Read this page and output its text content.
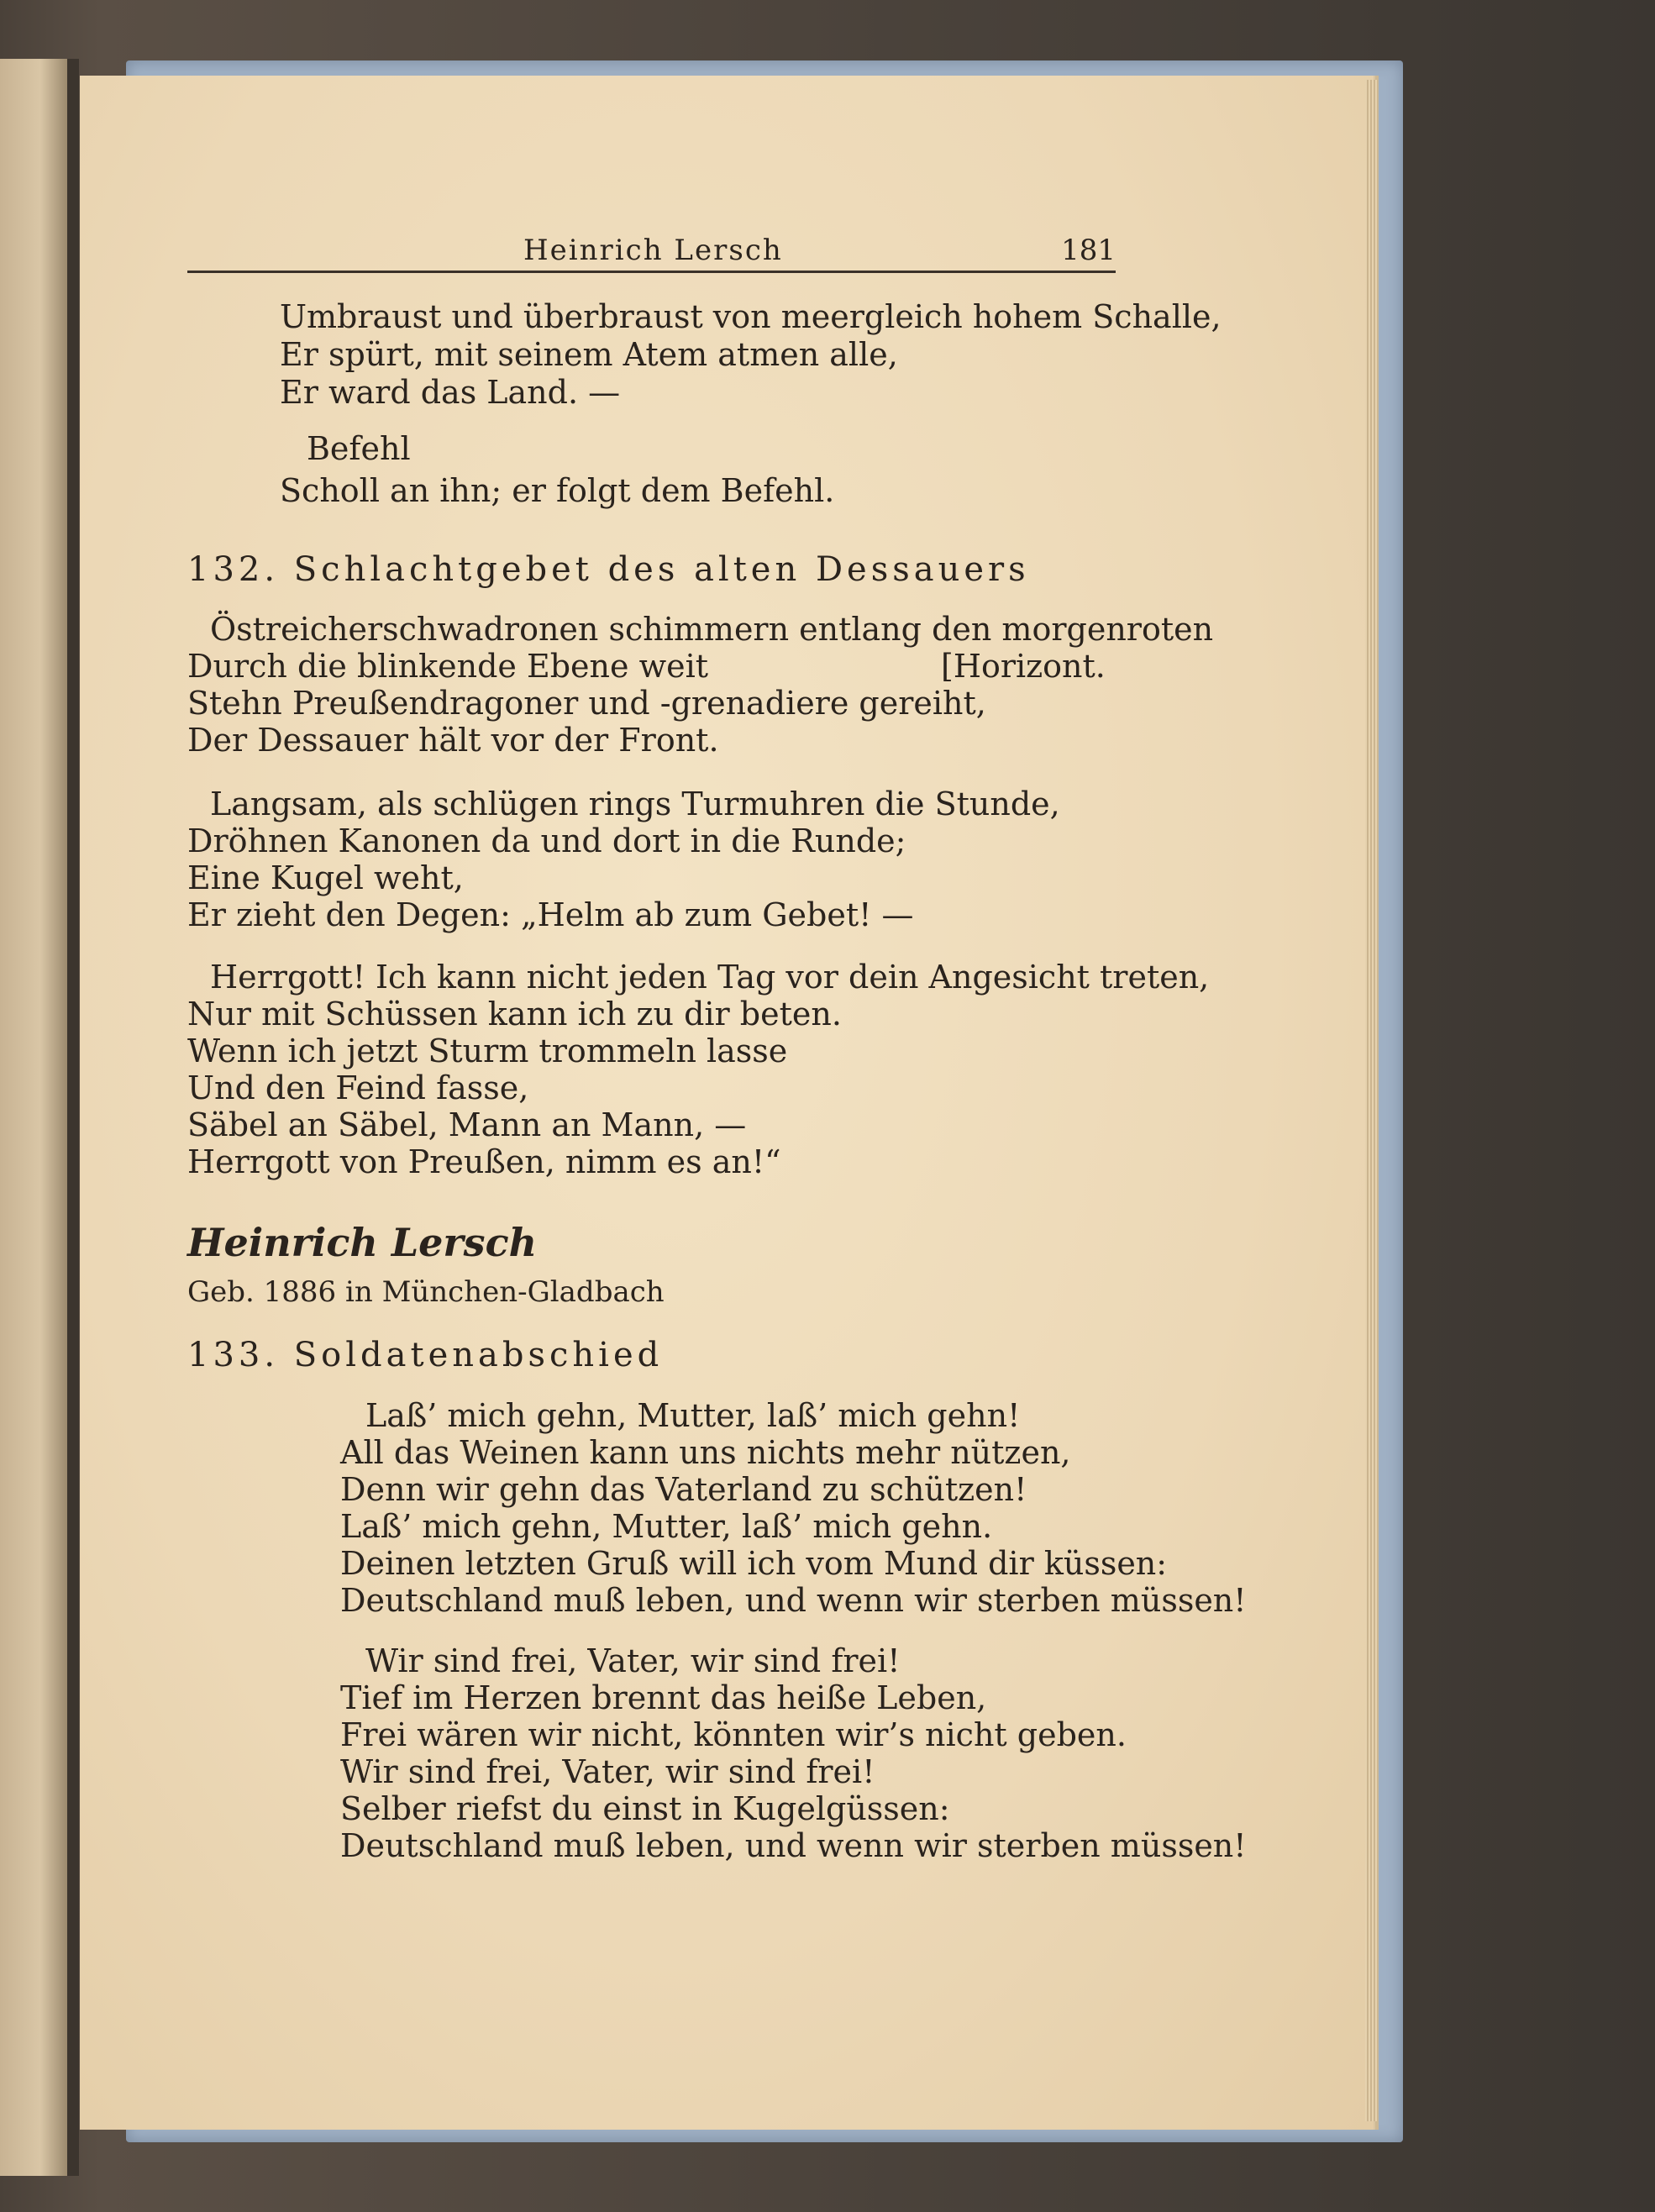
Heinrich Lersch	181
Umbraust und überbraust von meergleich hohem Schalle,
Er spürt, mit seinem Atem atmen alle,
Er ward das Land. —
Befehl
Scholl an ihn; er folgt dem Befehl.
132. Schlachtgebet des alten Dessauers
Östreicherschwadronen schimmern entlang den morgenroten
Durch die blinkende Ebene weit	[Horizont.
Stehn Preußendragoner und -grenadiere gereiht,
Der Dessauer hält vor der Front.
Langsam, als schlügen rings Turmuhren die Stunde,
Dröhnen Kanonen da und dort in die Runde;
Eine Kugel weht,
Er zieht den Degen: „Helm ab zum Gebet! —
Herrgott! Ich kann nicht jeden Tag vor dein Angesicht treten,
Nur mit Schüssen kann ich zu dir beten.
Wenn ich jetzt Sturm trommeln lasse
Und den Feind fasse,
Säbel an Säbel, Mann an Mann, —
Herrgott von Preußen, nimm es an!“
Heinrich Lersch
Geb. 1886 in München-Gladbach
133. Soldatenabschied
Laß’ mich gehn, Mutter, laß’ mich gehn!
All das Weinen kann uns nichts mehr nützen,
Denn wir gehn das Vaterland zu schützen!
Laß’ mich gehn, Mutter, laß’ mich gehn.
Deinen letzten Gruß will ich vom Mund dir küssen:
Deutschland muß leben, und wenn wir sterben müssen!
Wir sind frei, Vater, wir sind frei!
Tief im Herzen brennt das heiße Leben,
Frei wären wir nicht, könnten wir’s nicht geben.
Wir sind frei, Vater, wir sind frei!
Selber riefst du einst in Kugelgüssen:
Deutschland muß leben, und wenn wir sterben müssen!
